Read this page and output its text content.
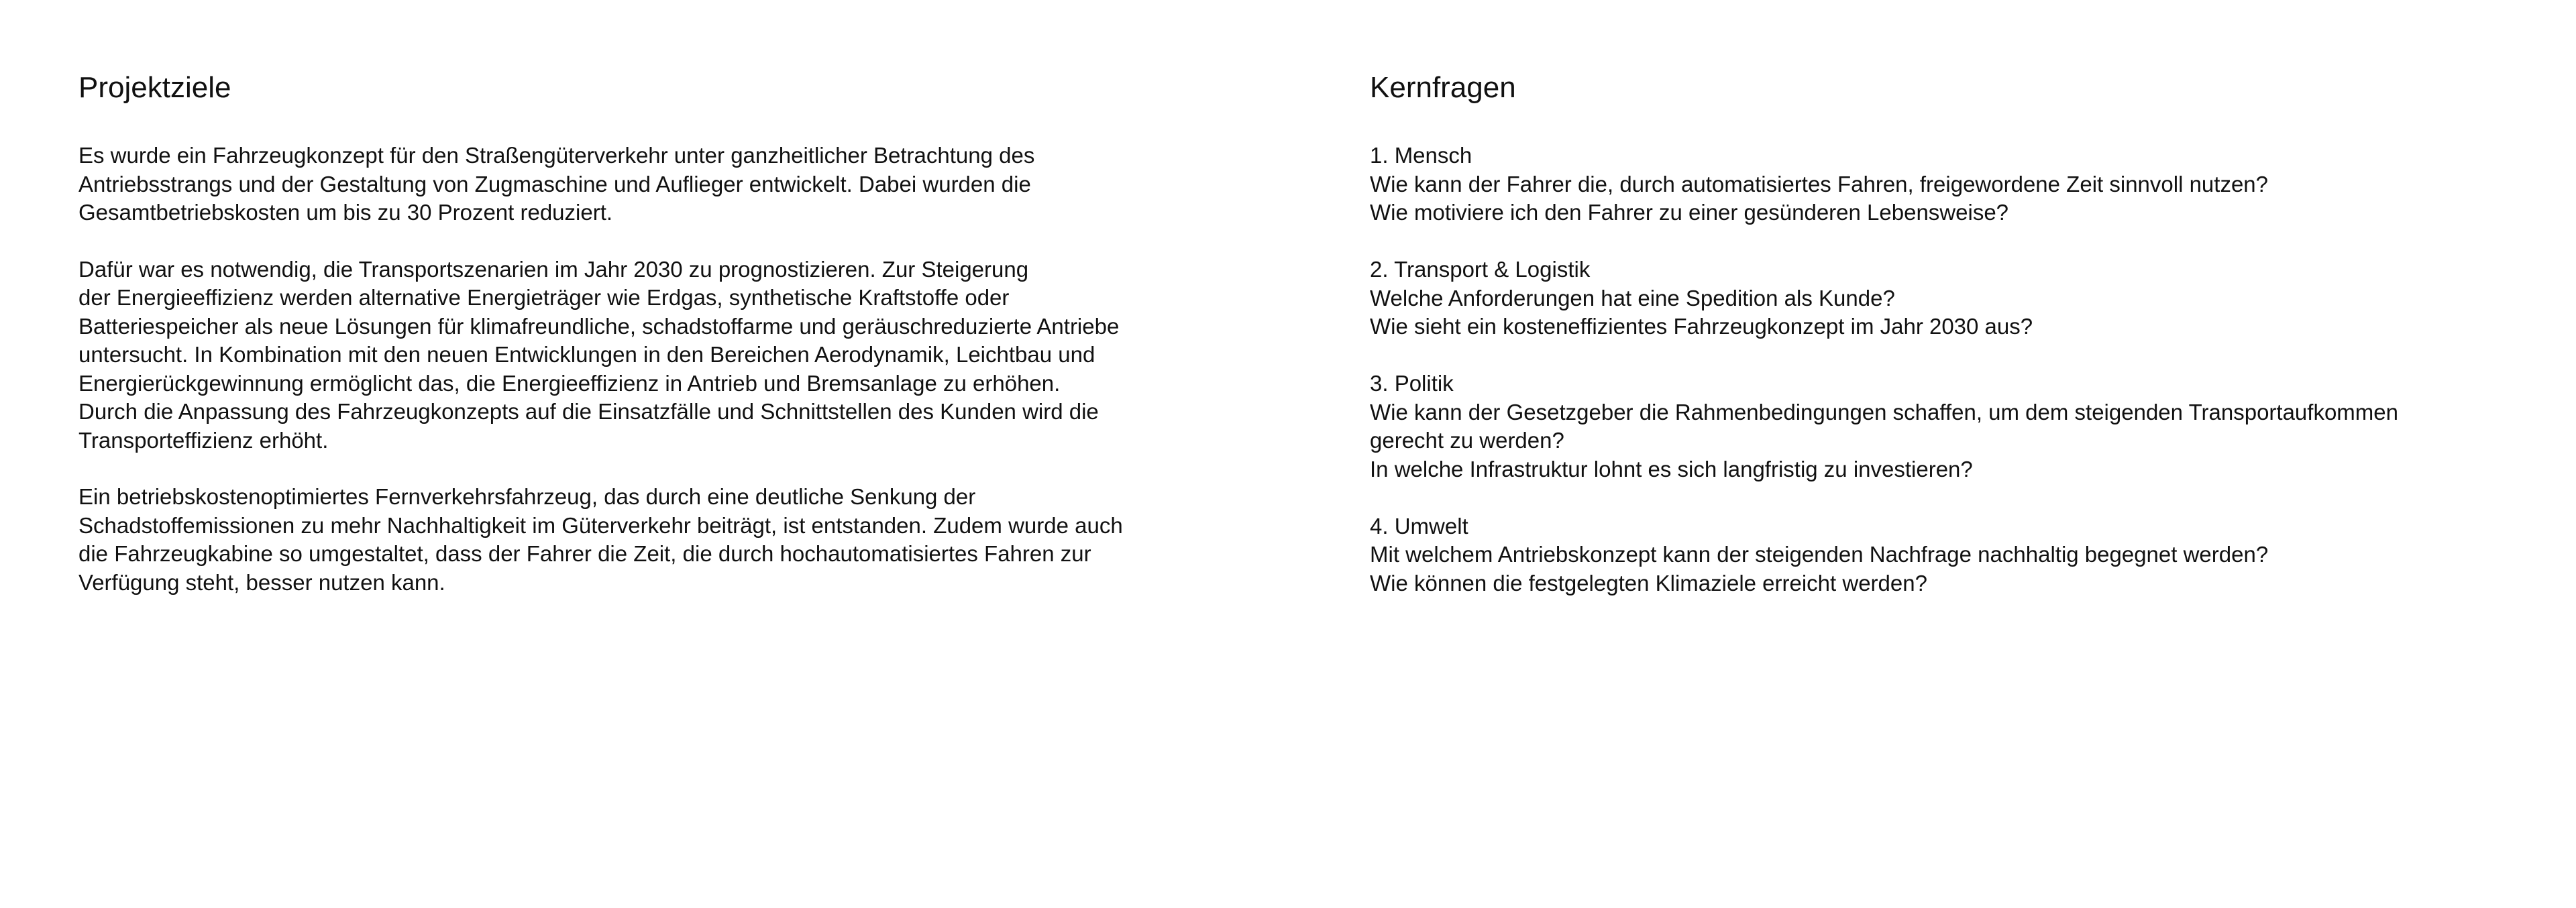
Projektziele

Es wurde ein Fahrzeugkonzept für den Straßengüterverkehr unter ganzheitlicher Betrachtung des
Antriebsstrangs und der Gestaltung von Zugmaschine und Auflieger entwickelt. Dabei wurden die
Gesamtbetriebskosten um bis zu 30 Prozent reduziert.

Dafür war es notwendig, die Transportszenarien im Jahr 2030 zu prognostizieren. Zur Steigerung
der Energieeffizienz werden alternative Energieträger wie Erdgas, synthetische Kraftstoffe oder
Batteriespeicher als neue Lösungen für klimafreundliche, schadstoffarme und geräuschreduzierte Antriebe
untersucht. In Kombination mit den neuen Entwicklungen in den Bereichen Aerodynamik, Leichtbau und
Energierückgewinnung ermöglicht das, die Energieeffizienz in Antrieb und Bremsanlage zu erhöhen.
Durch die Anpassung des Fahrzeugkonzepts auf die Einsatzfälle und Schnittstellen des Kunden wird die
Transporteffizienz erhöht.

Ein betriebskostenoptimiertes Fernverkehrsfahrzeug, das durch eine deutliche Senkung der
Schadstoffemissionen zu mehr Nachhaltigkeit im Güterverkehr beiträgt, ist entstanden. Zudem wurde auch
die Fahrzeugkabine so umgestaltet, dass der Fahrer die Zeit, die durch hochautomatisiertes Fahren zur
Verfügung steht, besser nutzen kann.

Kernfragen
1. Mensch
Wie kann der Fahrer die, durch automatisiertes Fahren, freigewordene Zeit sinnvoll nutzen?
Wie motiviere ich den Fahrer zu einer gesünderen Lebensweise?
2. Transport & Logistik
Welche Anforderungen hat eine Spedition als Kunde?
Wie sieht ein kosteneffizientes Fahrzeugkonzept im Jahr 2030 aus?
3. Politik
Wie kann der Gesetzgeber die Rahmenbedingungen schaffen, um dem steigenden Transportaufkommen
gerecht zu werden?
In welche Infrastruktur lohnt es sich langfristig zu investieren?
4. Umwelt
Mit welchem Antriebskonzept kann der steigenden Nachfrage nachhaltig begegnet werden?
Wie können die festgelegten Klimaziele erreicht werden?
